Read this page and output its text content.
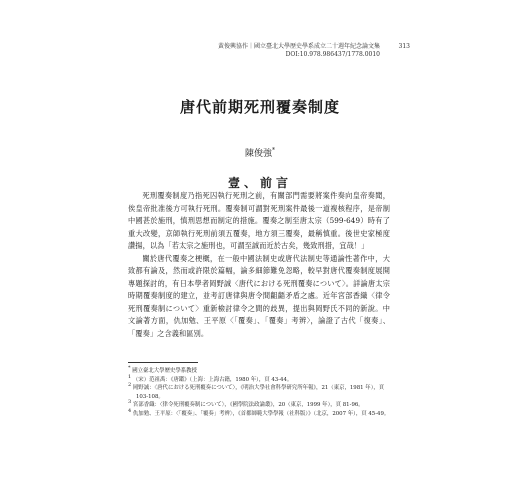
黃俊興協作｜國立臺北大學歷史學系成立二十週年紀念論文集	313
DOI:10.978.986437/1778.0010
唐代前期死刑覆奏制度
陳俊強*
壹、前言

死刑覆奏制度乃指死囚執行死刑之前，有關部門需要將案件奏向皇帝奏聞，俟皇帝批准後方可執行死刑。覆奏制可謂對死刑案件最後一道複核程序，是帝制中國甚於施刑，慎刑思想而制定的措施。覆奏之制至唐太宗（599-649）時有了重大改變，京師執行死刑前須五覆奏，地方須三覆奏，最稱慎重。後世史家極度讚揚，以為「若太宗之施刑也，可謂至誠而近於古矣，幾致刑措，宜哉！」

關於唐代覆奏之梗概，在一般中國法制史或唐代法制史等通論性著作中，大致都有論及，然而或許限於篇幅，論多細節難免忽略，較早對唐代覆奏制度展開專題探討的，有日本學者岡野誠〈唐代における死刑覆奏について〉。詳論唐太宗時期覆奏制度的建立，並考訂唐律與唐令間齟齬矛盾之處。近年宮部香織〈律令死刑覆奏制について〉重新檢討律令之間的歧異，提出與岡野氏不同的新說。中文論著方面，仇加勉、王平原〈「覆奏」、「覆奏」考辨〉，論證了古代「復奏」、「覆奏」之含義和區別。

* 國立臺北大學歷史學系教授
$^1$ （宋）范祖禹：《唐鑑》（上海：上海古籍，1980 年），頁 43-44。
$^2$ 岡野誠：〈唐代における死刑覆奏について〉，《明治大學社會科學研究所年報》，21（東京，1981 年），頁 103-108。
$^3$ 宮部香織：〈律令死刑覆奏制について〉，《國學院法政論叢》，20（東京，1999 年），頁 81-96。
$^4$ 仇加勉、王平原：〈「覆奏」、「覆奏」考辨〉，《首都師範大學學報（社科版）》（北京，2007 年），頁 45-49。
